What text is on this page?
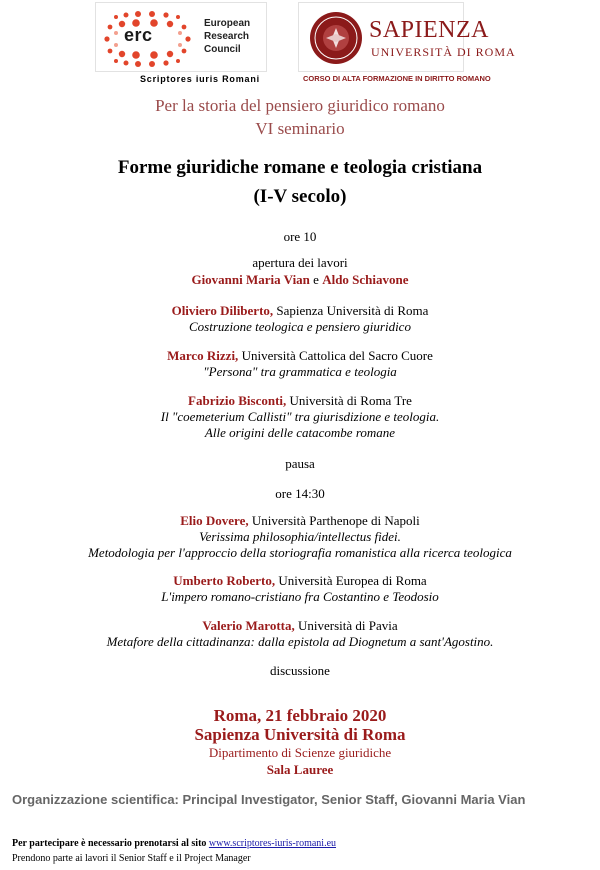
erc
European
Research
Council
Scriptores iuris Romani
SAPIENZA
UNIVERSITÀ DI ROMA
CORSO DI ALTA FORMAZIONE IN DIRITTO ROMANO
Per la storia del pensiero giuridico romano
VI seminario
Forme giuridiche romane e teologia cristiana
(I-V secolo)
ore 10
apertura dei lavori
Giovanni Maria Vian e Aldo Schiavone
Oliviero Diliberto, Sapienza Università di Roma
Costruzione teologica e pensiero giuridico
Marco Rizzi, Università Cattolica del Sacro Cuore
"Persona" tra grammatica e teologia
Fabrizio Bisconti, Università di Roma Tre
Il "coemeterium Callisti" tra giurisdizione e teologia.
Alle origini delle catacombe romane
pausa
ore 14:30
Elio Dovere, Università Parthenope di Napoli
Verissima philosophia/intellectus fidei.
Metodologia per l'approccio della storiografia romanistica alla ricerca teologica
Umberto Roberto, Università Europea di Roma
L'impero romano-cristiano fra Costantino e Teodosio
Valerio Marotta, Università di Pavia
Metafore della cittadinanza: dalla epistola ad Diognetum a sant'Agostino.
discussione
Roma, 21 febbraio 2020
Sapienza Università di Roma
Dipartimento di Scienze giuridiche
Sala Lauree
Organizzazione scientifica: Principal Investigator, Senior Staff, Giovanni Maria Vian
Per partecipare è necessario prenotarsi al sito www.scriptores-iuris-romani.eu
Prendono parte ai lavori il Senior Staff e il Project Manager
